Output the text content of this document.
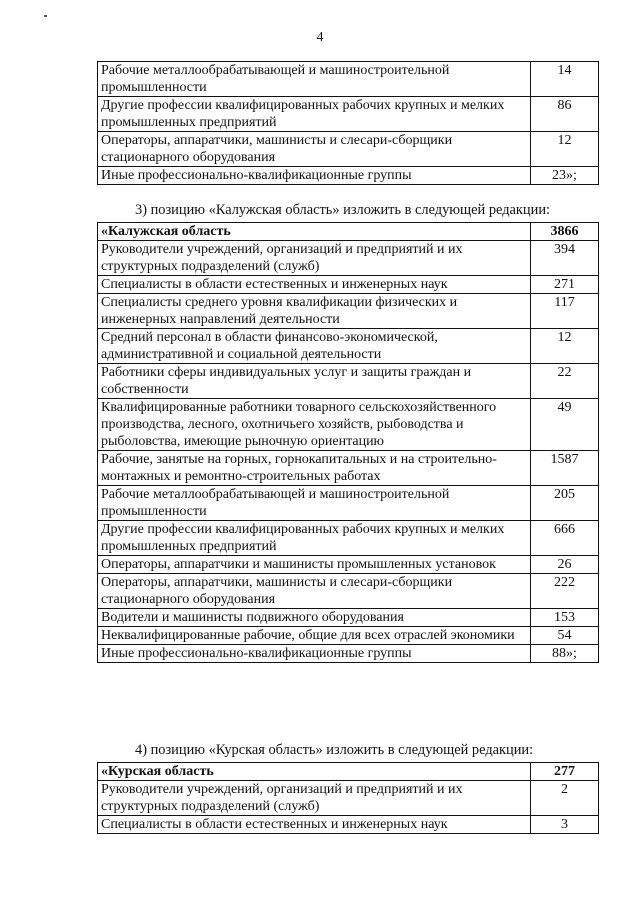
4
Рабочие металлообрабатывающей и машиностроительной промышленности	14
Другие профессии квалифицированных рабочих крупных и мелких промышленных предприятий	86
Операторы, аппаратчики, машинисты и слесари-сборщики стационарного оборудования	12
Иные профессионально-квалификационные группы	23»;
3) позицию «Калужская область» изложить в следующей редакции:
«Калужская область	3866
Руководители учреждений, организаций и предприятий и их структурных подразделений (служб)	394
Специалисты в области естественных и инженерных наук	271
Специалисты среднего уровня квалификации физических и инженерных направлений деятельности	117
Средний персонал в области финансово-экономической, административной и социальной деятельности	12
Работники сферы индивидуальных услуг и защиты граждан и собственности	22
Квалифицированные работники товарного сельскохозяйственного производства, лесного, охотничьего хозяйств, рыбоводства и рыболовства, имеющие рыночную ориентацию	49
Рабочие, занятые на горных, горнокапитальных и на строительно-монтажных и ремонтно-строительных работах	1587
Рабочие металлообрабатывающей и машиностроительной промышленности	205
Другие профессии квалифицированных рабочих крупных и мелких промышленных предприятий	666
Операторы, аппаратчики и машинисты промышленных установок	26
Операторы, аппаратчики, машинисты и слесари-сборщики стационарного оборудования	222
Водители и машинисты подвижного оборудования	153
Неквалифицированные рабочие, общие для всех отраслей экономики	54
Иные профессионально-квалификационные группы	88»;
4) позицию «Курская область» изложить в следующей редакции:
«Курская область	277
Руководители учреждений, организаций и предприятий и их структурных подразделений (служб)	2
Специалисты в области естественных и инженерных наук	3
